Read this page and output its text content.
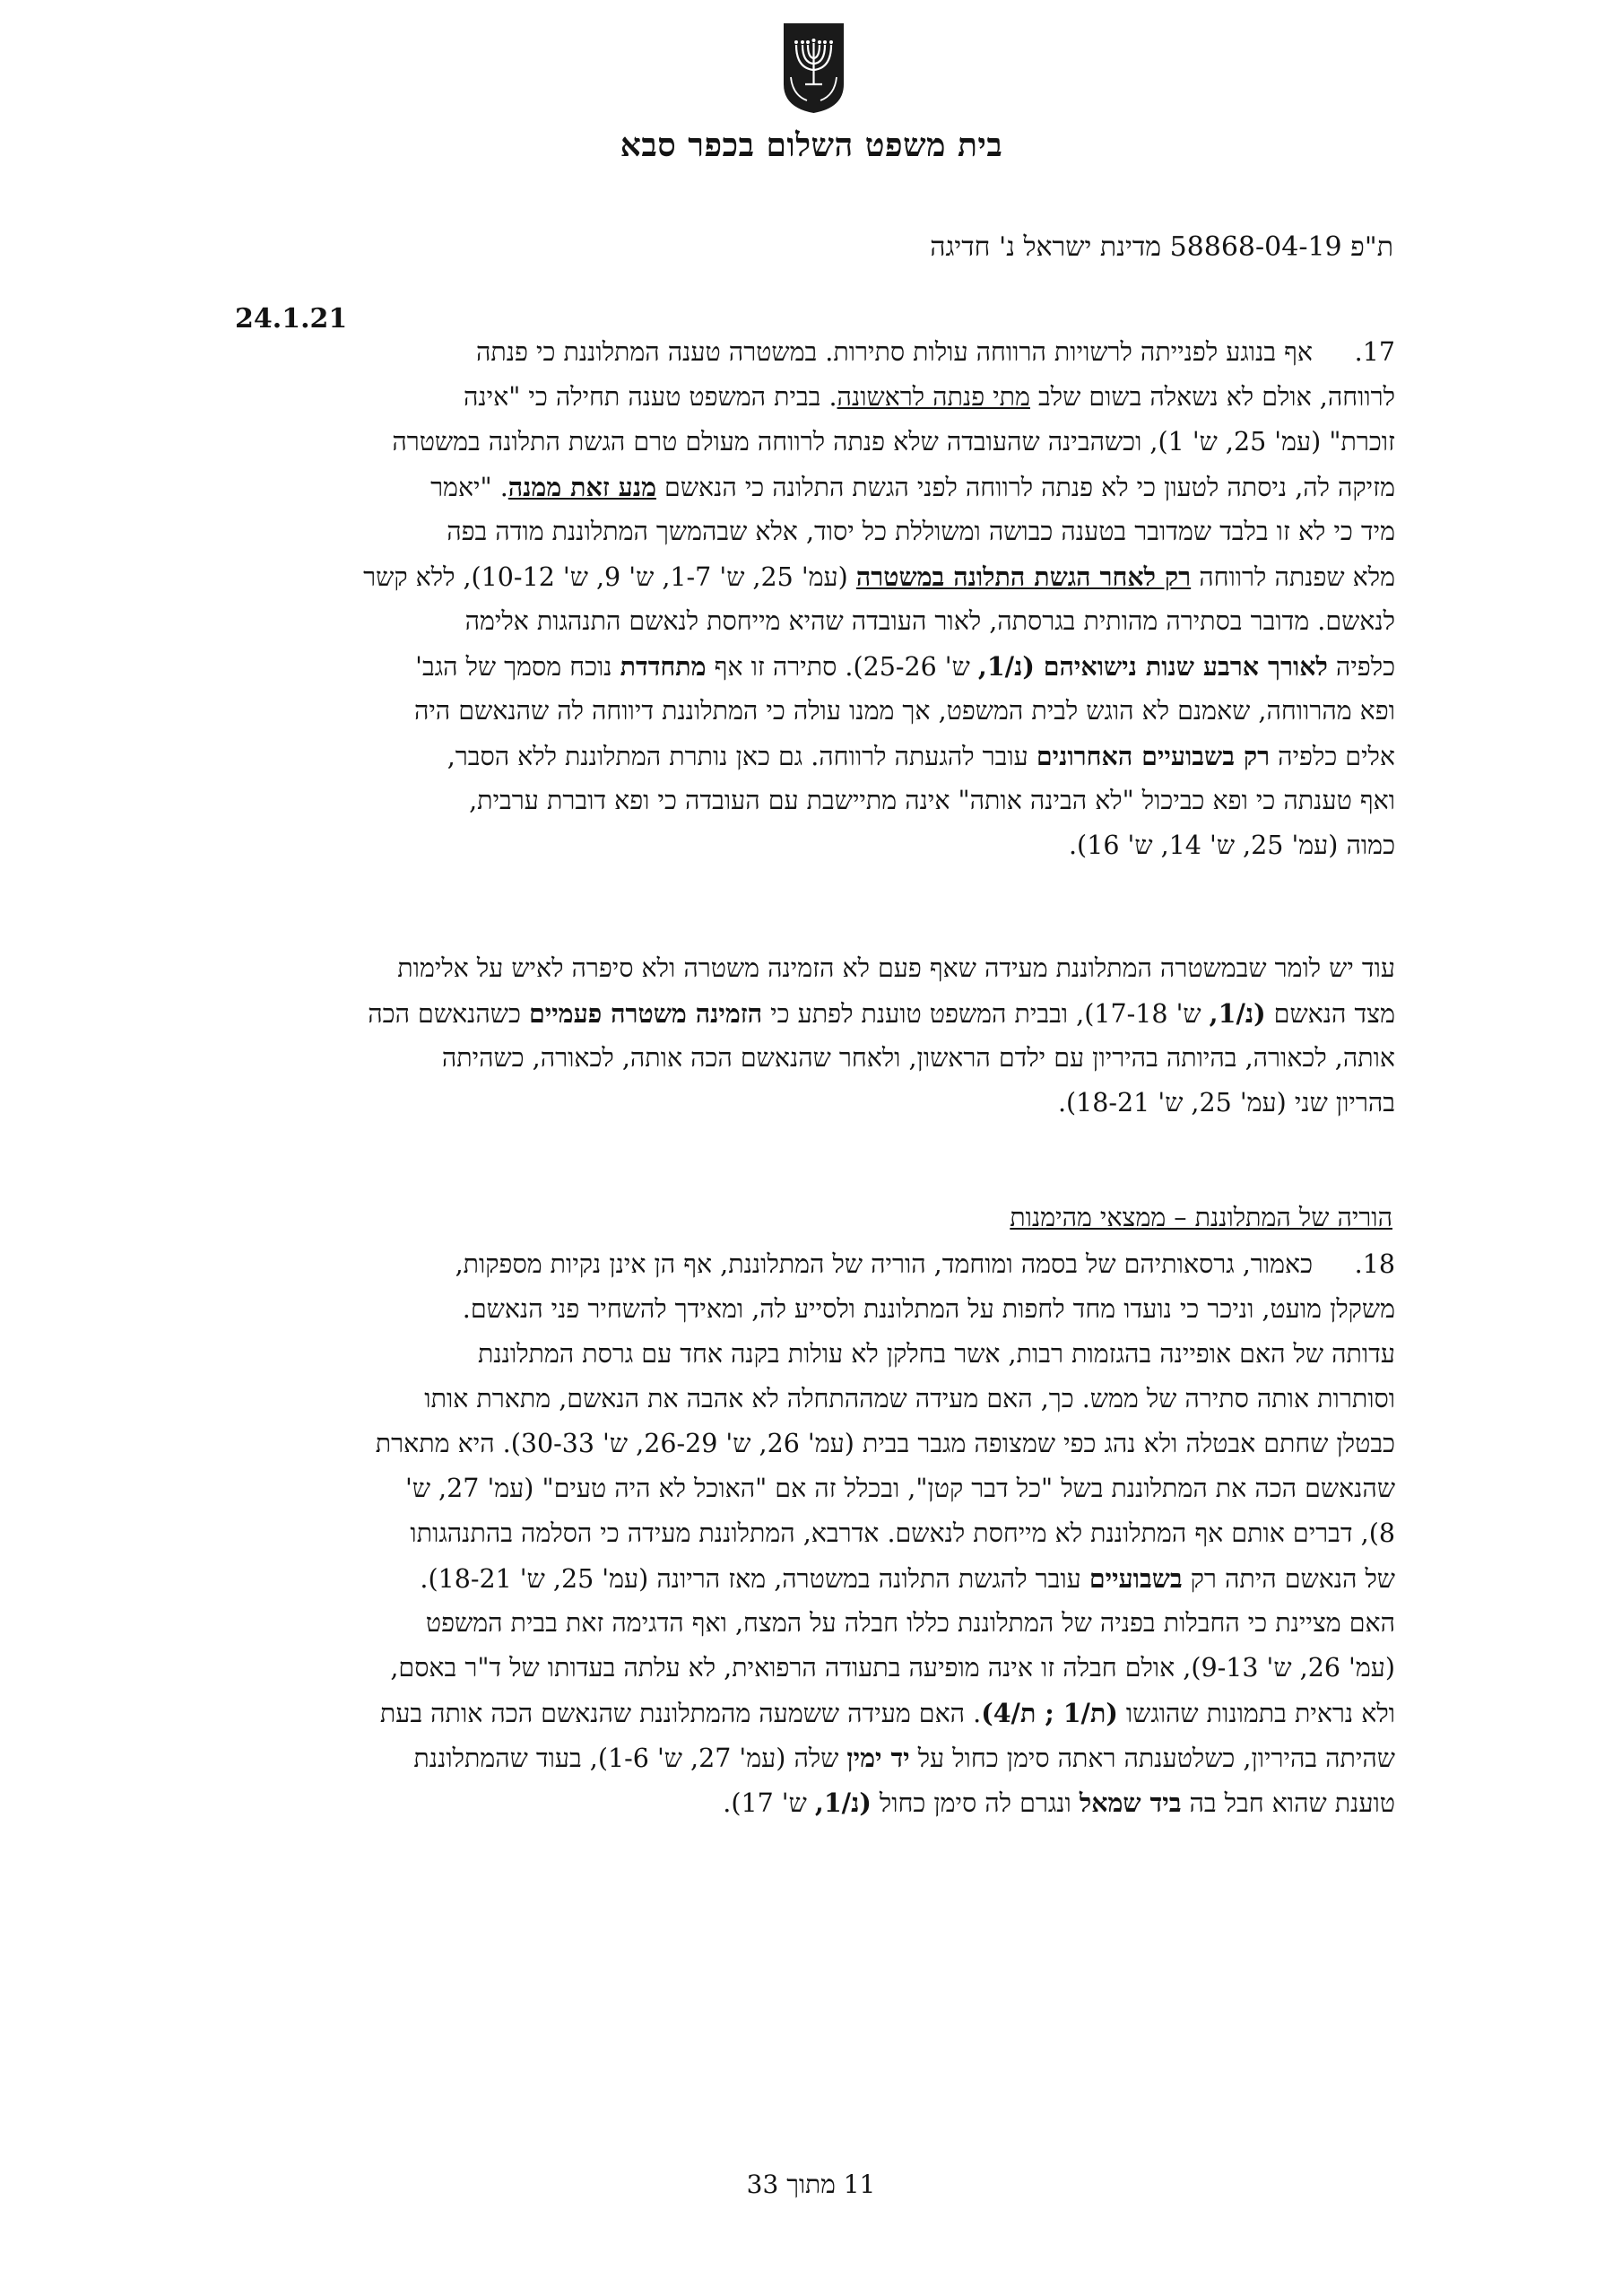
בית משפט השלום בכפר סבא
ת"פ 58868-04-19 מדינת ישראל נ' חדיגה
24.1.21
17.אף בנוגע לפנייתה לרשויות הרווחה עולות סתירות. במשטרה טענה המתלוננת כי פנתה
לרווחה, אולם לא נשאלה בשום שלב מתי פנתה לראשונה. בבית המשפט טענה תחילה כי "אינה
זוכרת" (עמ' 25, ש' 1), וכשהבינה שהעובדה שלא פנתה לרווחה מעולם טרם הגשת התלונה במשטרה
מזיקה לה, ניסתה לטעון כי לא פנתה לרווחה לפני הגשת התלונה כי הנאשם מנע זאת ממנה. "יאמר
מיד כי לא זו בלבד שמדובר בטענה כבושה ומשוללת כל יסוד, אלא שבהמשך המתלוננת מודה בפה
מלא שפנתה לרווחה רק לאחר הגשת התלונה במשטרה (עמ' 25, ש' 1-7, ש' 9, ש' 10-12), ללא קשר
לנאשם. מדובר בסתירה מהותית בגרסתה, לאור העובדה שהיא מייחסת לנאשם התנהגות אלימה
כלפיה לאורך ארבע שנות נישואיהם (נ/1, ש' 25-26). סתירה זו אף מתחדדת נוכח מסמך של הגב'
ופא מהרווחה, שאמנם לא הוגש לבית המשפט, אך ממנו עולה כי המתלוננת דיווחה לה שהנאשם היה
אלים כלפיה רק בשבועיים האחרונים עובר להגעתה לרווחה. גם כאן נותרת המתלוננת ללא הסבר,
ואף טענתה כי ופא כביכול "לא הבינה אותה" אינה מתיישבת עם העובדה כי ופא דוברת ערבית,
כמוה (עמ' 25, ש' 14, ש' 16).
עוד יש לומר שבמשטרה המתלוננת מעידה שאף פעם לא הזמינה משטרה ולא סיפרה לאיש על אלימות
מצד הנאשם (נ/1, ש' 17-18), ובבית המשפט טוענת לפתע כי הזמינה משטרה פעמיים כשהנאשם הכה
אותה, לכאורה, בהיותה בהיריון עם ילדם הראשון, ולאחר שהנאשם הכה אותה, לכאורה, כשהיתה
בהריון שני (עמ' 25, ש' 18-21).
הוריה של המתלוננת – ממצאי מהימנות
18.כאמור, גרסאותיהם של בסמה ומוחמד, הוריה של המתלוננת, אף הן אינן נקיות מספקות,
משקלן מועט, וניכר כי נועדו מחד לחפות על המתלוננת ולסייע לה, ומאידך להשחיר פני הנאשם.
עדותה של האם אופיינה בהגזמות רבות, אשר בחלקן לא עולות בקנה אחד עם גרסת המתלוננת
וסותרות אותה סתירה של ממש. כך, האם מעידה שמההתחלה לא אהבה את הנאשם, מתארת אותו
כבטלן שחתם אבטלה ולא נהג כפי שמצופה מגבר בבית (עמ' 26, ש' 26-29, ש' 30-33). היא מתארת
שהנאשם הכה את המתלוננת בשל "כל דבר קטן", ובכלל זה אם "האוכל לא היה טעים" (עמ' 27, ש'
8), דברים אותם אף המתלוננת לא מייחסת לנאשם. אדרבא, המתלוננת מעידה כי הסלמה בהתנהגותו
של הנאשם היתה רק בשבועיים עובר להגשת התלונה במשטרה, מאז הריונה (עמ' 25, ש' 18-21).
האם מציינת כי החבלות בפניה של המתלוננת כללו חבלה על המצח, ואף הדגימה זאת בבית המשפט
(עמ' 26, ש' 9-13), אולם חבלה זו אינה מופיעה בתעודה הרפואית, לא עלתה בעדותו של ד"ר באסם,
ולא נראית בתמונות שהוגשו (ת/1 ; ת/4). האם מעידה ששמעה מהמתלוננת שהנאשם הכה אותה בעת
שהיתה בהיריון, כשלטענתה ראתה סימן כחול על יד ימין שלה (עמ' 27, ש' 1-6), בעוד שהמתלוננת
טוענת שהוא חבל בה ביד שמאל ונגרם לה סימן כחול (נ/1, ש' 17).
11 מתוך 33
